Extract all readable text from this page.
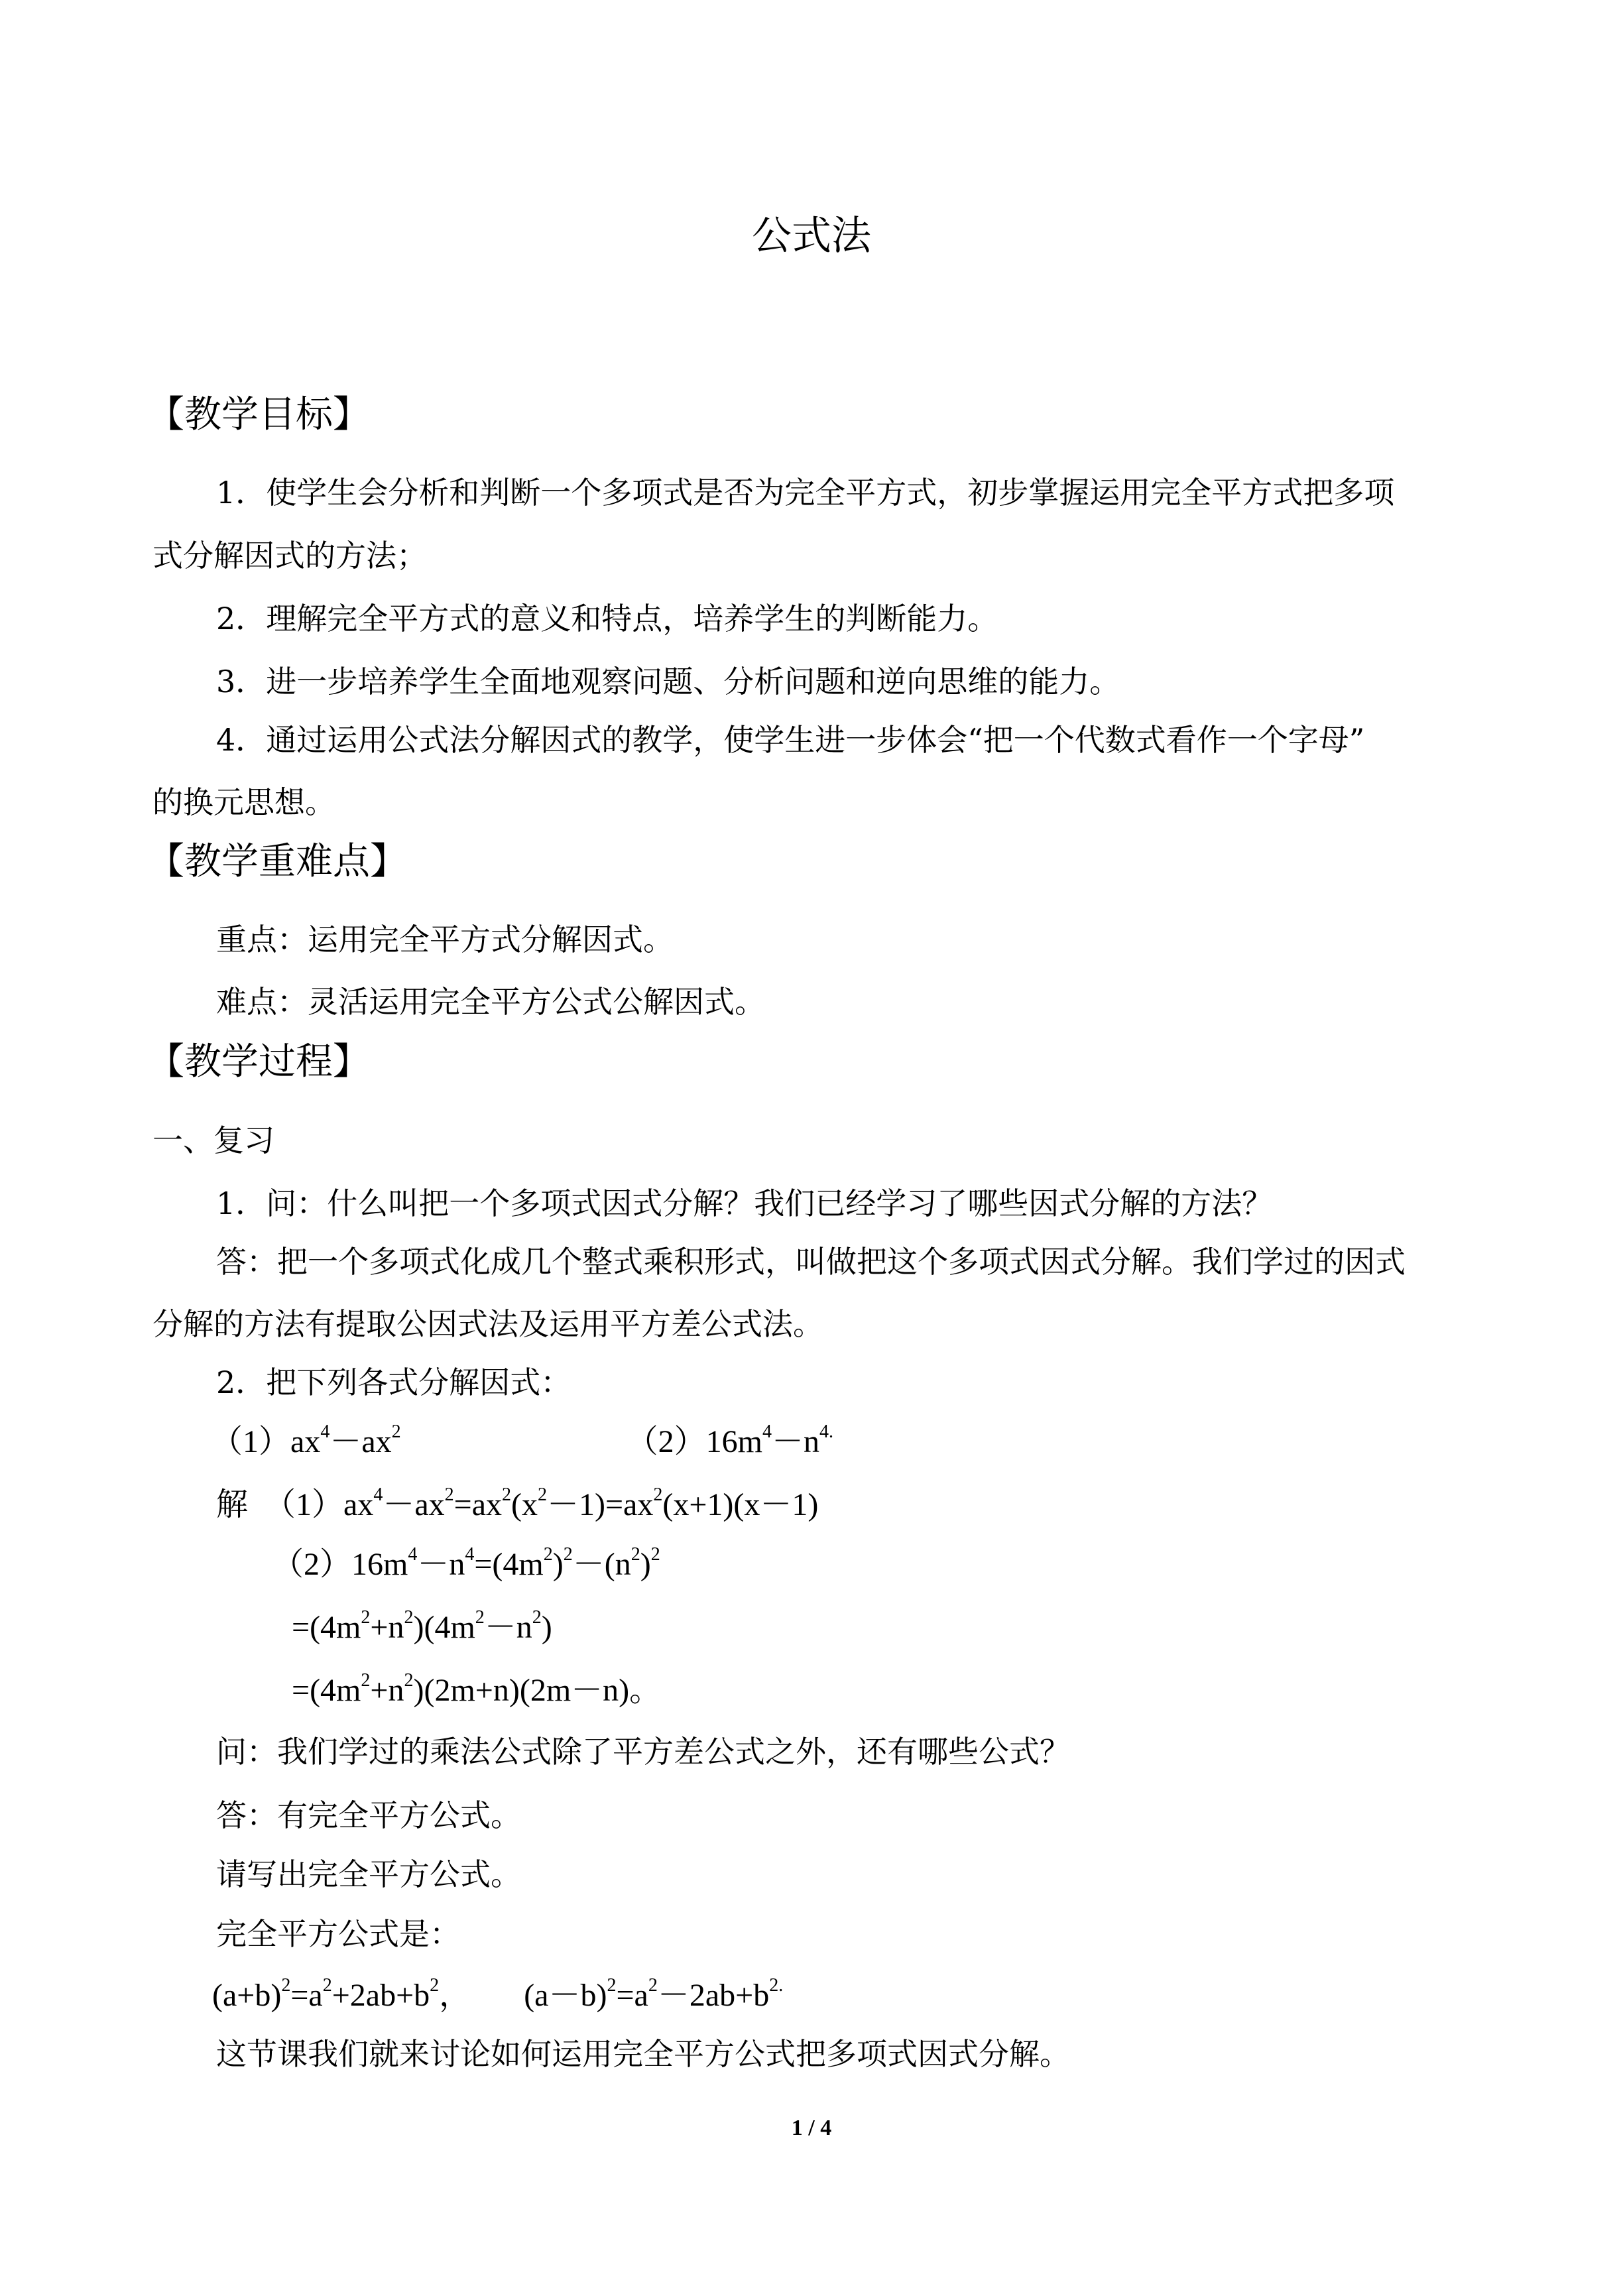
公式法
【教学目标】
1．使学生会分析和判断一个多项式是否为完全平方式，初步掌握运用完全平方式把多项
式分解因式的方法；
2．理解完全平方式的意义和特点，培养学生的判断能力。
3．进一步培养学生全面地观察问题、分析问题和逆向思维的能力。
4．通过运用公式法分解因式的教学，使学生进一步体会“把一个代数式看作一个字母”
的换元思想。
【教学重难点】
重点：运用完全平方式分解因式。
难点：灵活运用完全平方公式公解因式。
【教学过程】
一、复习
1．问：什么叫把一个多项式因式分解？我们已经学习了哪些因式分解的方法？
答：把一个多项式化成几个整式乘积形式，叫做把这个多项式因式分解。我们学过的因式
分解的方法有提取公因式法及运用平方差公式法。
2．把下列各式分解因式：
$(1)ax^4-ax^2$	$(2)16m^4-n^{4.}$
解　$(1)ax^4-ax^2=ax^2(x^2-1)=ax^2(x+1)(x-1)$
$(2)16m^4-n^4=(4m^2)^2-(n^2)^2$
$=(4m^2+n^2)(4m^2-n^2)$
$=(4m^2+n^2)(2m+n)(2m-n)$。
问：我们学过的乘法公式除了平方差公式之外，还有哪些公式？
答：有完全平方公式。
请写出完全平方公式。
完全平方公式是：
$(a+b)^2=a^2+2ab+b^2$， $(a-b)^2=a^2-2ab+b^{2.}$
这节课我们就来讨论如何运用完全平方公式把多项式因式分解。
1 / 4
